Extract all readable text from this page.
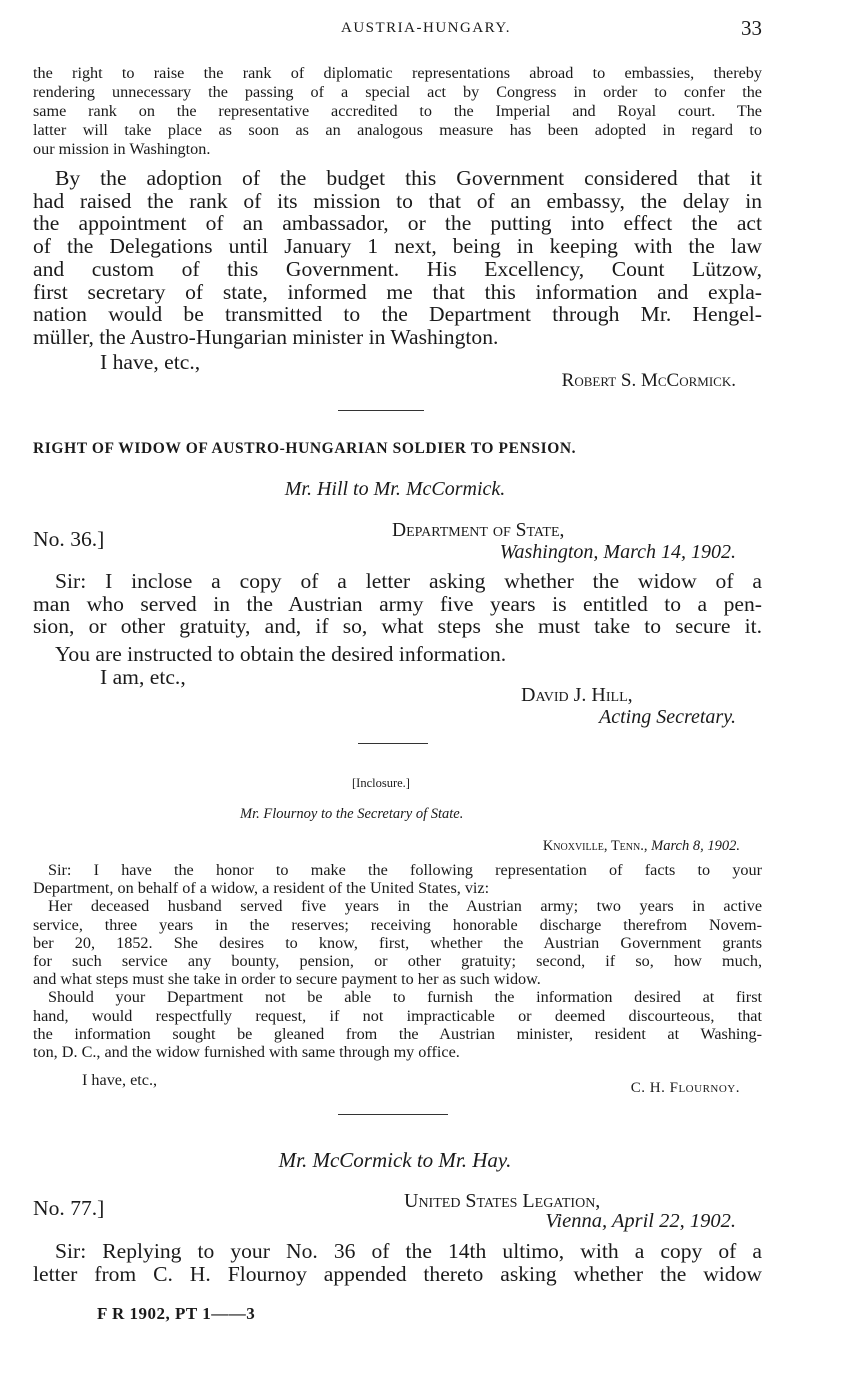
AUSTRIA-HUNGARY.	33
the right to raise the rank of diplomatic representations abroad to embassies, thereby
rendering unnecessary the passing of a special act by Congress in order to confer the
same rank on the representative accredited to the Imperial and Royal court. The
latter will take place as soon as an analogous measure has been adopted in regard to
our mission in Washington.
By the adoption of the budget this Government considered that it
had raised the rank of its mission to that of an embassy, the delay in
the appointment of an ambassador, or the putting into effect the act
of the Delegations until January 1 next, being in keeping with the law
and custom of this Government. His Excellency, Count Lützow,
first secretary of state, informed me that this information and expla-
nation would be transmitted to the Department through Mr. Hengel-
müller, the Austro-Hungarian minister in Washington.
I have, etc.,
Robert S. McCormick.
RIGHT OF WIDOW OF AUSTRO-HUNGARIAN SOLDIER TO PENSION.
Mr. Hill to Mr. McCormick.
No. 36.]	Department of State,
Washington, March 14, 1902.
Sir: I inclose a copy of a letter asking whether the widow of a
man who served in the Austrian army five years is entitled to a pen-
sion, or other gratuity, and, if so, what steps she must take to secure it.
You are instructed to obtain the desired information.
I am, etc.,
David J. Hill,
Acting Secretary.
[Inclosure.]
Mr. Flournoy to the Secretary of State.
Knoxville, Tenn., March 8, 1902.
Sir: I have the honor to make the following representation of facts to your
Department, on behalf of a widow, a resident of the United States, viz:
Her deceased husband served five years in the Austrian army; two years in active
service, three years in the reserves; receiving honorable discharge therefrom Novem-
ber 20, 1852. She desires to know, first, whether the Austrian Government grants
for such service any bounty, pension, or other gratuity; second, if so, how much,
and what steps must she take in order to secure payment to her as such widow.
Should your Department not be able to furnish the information desired at first
hand, would respectfully request, if not impracticable or deemed discourteous, that
the information sought be gleaned from the Austrian minister, resident at Washing-
ton, D. C., and the widow furnished with same through my office.
I have, etc.,	C. H. Flournoy.
Mr. McCormick to Mr. Hay.
No. 77.]	United States Legation,
Vienna, April 22, 1902.
Sir: Replying to your No. 36 of the 14th ultimo, with a copy of a
letter from C. H. Flournoy appended thereto asking whether the widow
F R 1902, PT 1——3
